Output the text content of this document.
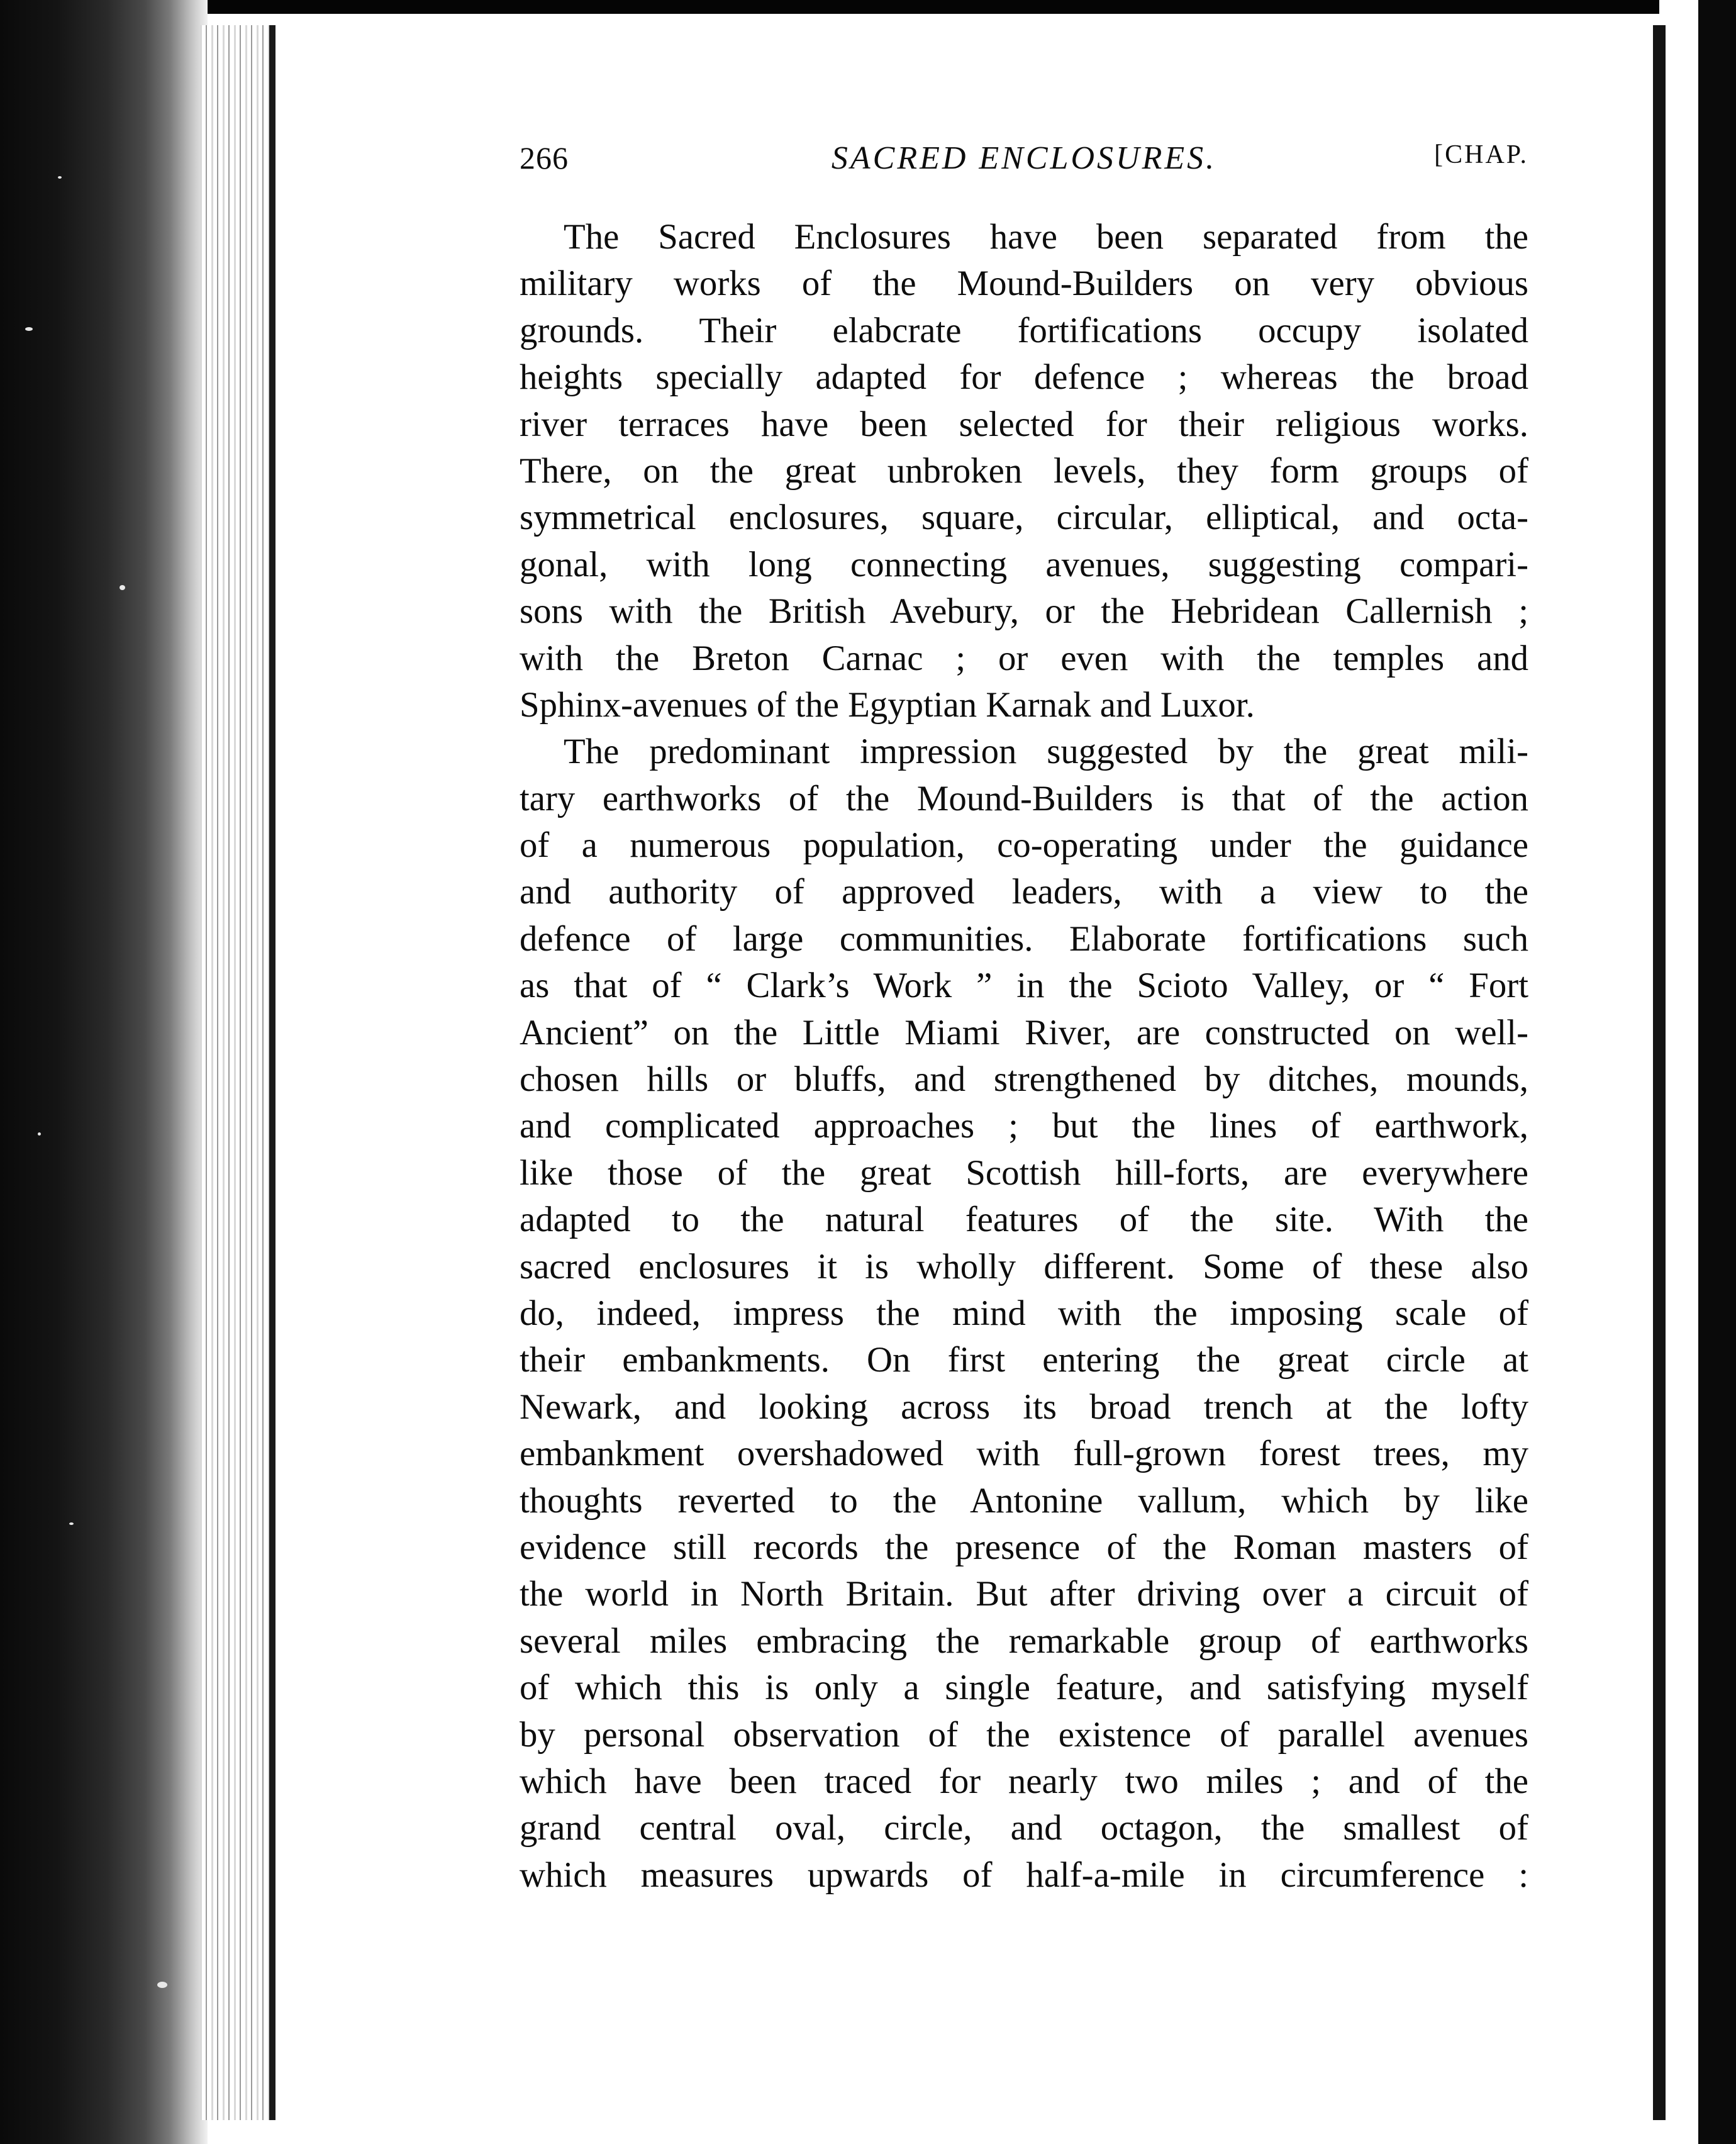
266	SACRED ENCLOSURES.	[CHAP.
The Sacred Enclosures have been separated from the
military works of the Mound-Builders on very obvious
grounds. Their elabcrate fortifications occupy isolated
heights specially adapted for defence ; whereas the broad
river terraces have been selected for their religious works.
There, on the great unbroken levels, they form groups of
symmetrical enclosures, square, circular, elliptical, and octa-
gonal, with long connecting avenues, suggesting compari-
sons with the British Avebury, or the Hebridean Callernish ;
with the Breton Carnac ; or even with the temples and
Sphinx-avenues of the Egyptian Karnak and Luxor.
The predominant impression suggested by the great mili-
tary earthworks of the Mound-Builders is that of the action
of a numerous population, co-operating under the guidance
and authority of approved leaders, with a view to the
defence of large communities. Elaborate fortifications such
as that of “ Clark’s Work ” in the Scioto Valley, or “ Fort
Ancient” on the Little Miami River, are constructed on well-
chosen hills or bluffs, and strengthened by ditches, mounds,
and complicated approaches ; but the lines of earthwork,
like those of the great Scottish hill-forts, are everywhere
adapted to the natural features of the site. With the
sacred enclosures it is wholly different. Some of these also
do, indeed, impress the mind with the imposing scale of
their embankments. On first entering the great circle at
Newark, and looking across its broad trench at the lofty
embankment overshadowed with full-grown forest trees, my
thoughts reverted to the Antonine vallum, which by like
evidence still records the presence of the Roman masters of
the world in North Britain. But after driving over a circuit of
several miles embracing the remarkable group of earthworks
of which this is only a single feature, and satisfying myself
by personal observation of the existence of parallel avenues
which have been traced for nearly two miles ; and of the
grand central oval, circle, and octagon, the smallest of
which measures upwards of half-a-mile in circumference :
